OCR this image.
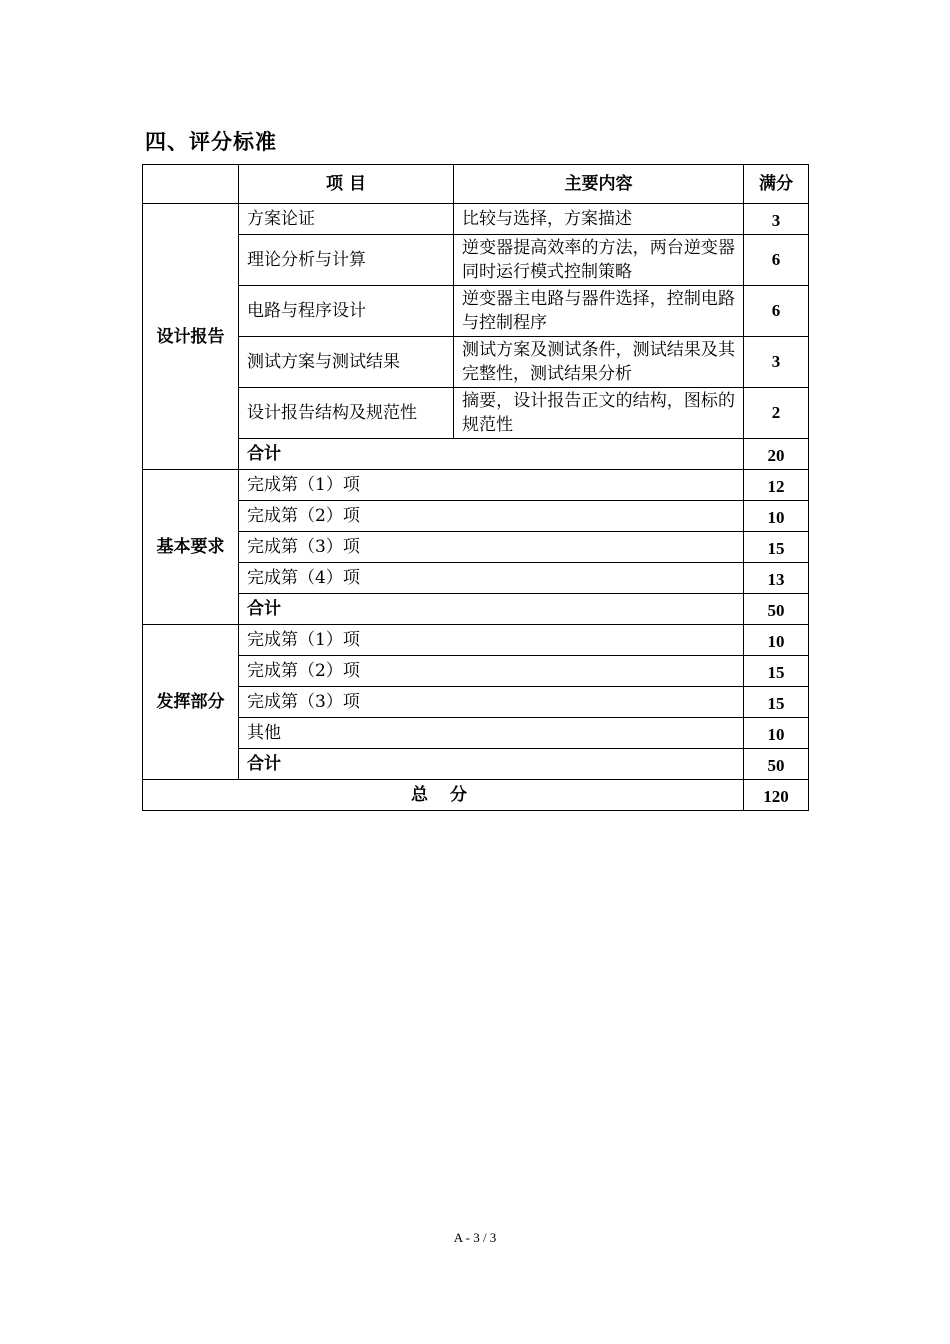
四、评分标准
	项 目	主要内容	满分
设计报告	方案论证	比较与选择，方案描述	3
	理论分析与计算	逆变器提高效率的方法，两台逆变器同时运行模式控制策略	6
	电路与程序设计	逆变器主电路与器件选择，控制电路与控制程序	6
	测试方案与测试结果	测试方案及测试条件，测试结果及其完整性，测试结果分析	3
	设计报告结构及规范性	摘要，设计报告正文的结构，图标的规范性	2
	合计		20
基本要求	完成第（1）项		12
	完成第（2）项		10
	完成第（3）项		15
	完成第（4）项		13
	合计		50
发挥部分	完成第（1）项		10
	完成第（2）项		15
	完成第（3）项		15
	其他		10
	合计		50
总 分			120
A - 3 / 3
